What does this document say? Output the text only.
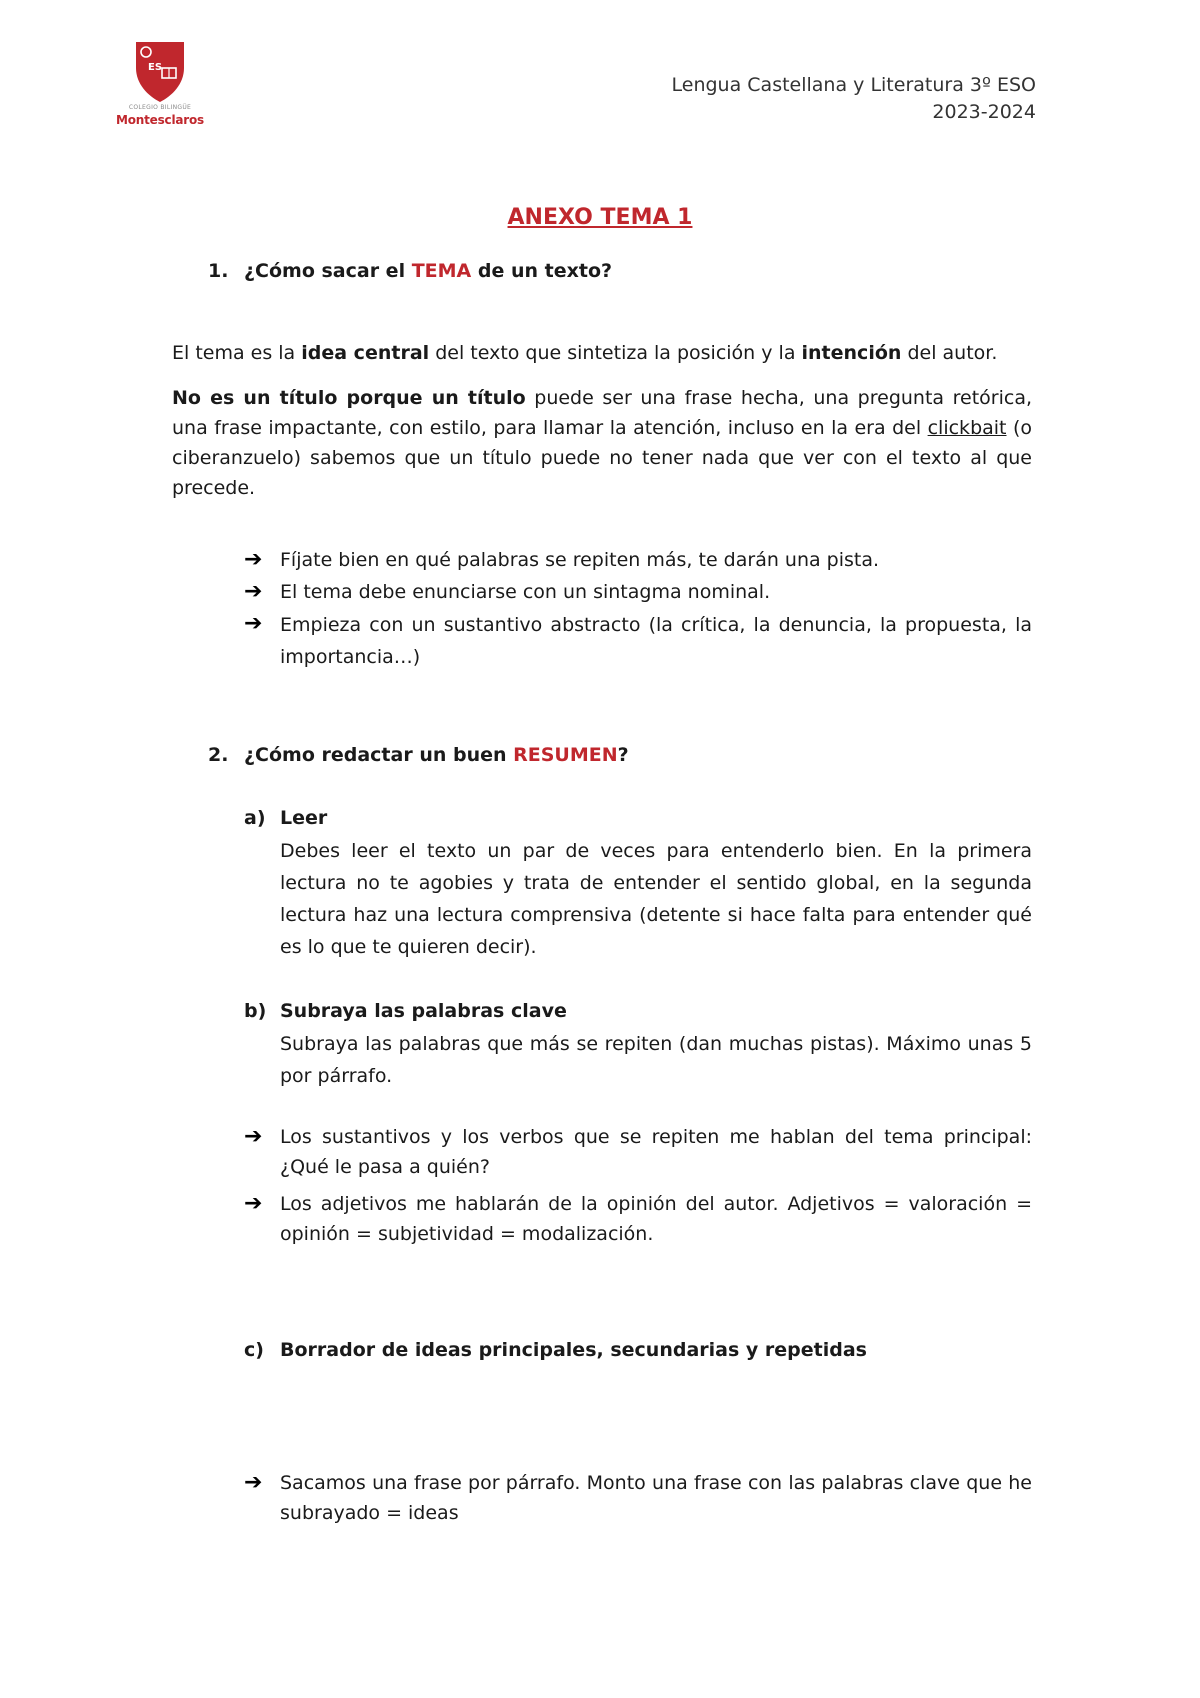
ES
COLEGIO BILINGÜE
Montesclaros
Lengua Castellana y Literatura 3º ESO
2023-2024
ANEXO TEMA 1
1. ¿Cómo sacar el TEMA de un texto?
El tema es la idea central del texto que sintetiza la posición y la intención del autor.
No es un título porque un título puede ser una frase hecha, una pregunta retórica, una frase impactante, con estilo, para llamar la atención, incluso en la era del clickbait (o ciberanzuelo) sabemos que un título puede no tener nada que ver con el texto al que precede.
➔ Fíjate bien en qué palabras se repiten más, te darán una pista.
➔ El tema debe enunciarse con un sintagma nominal.
➔ Empieza con un sustantivo abstracto (la crítica, la denuncia, la propuesta, la importancia…)
2. ¿Cómo redactar un buen RESUMEN?
a) Leer
Debes leer el texto un par de veces para entenderlo bien. En la primera lectura no te agobies y trata de entender el sentido global, en la segunda lectura haz una lectura comprensiva (detente si hace falta para entender qué es lo que te quieren decir).
b) Subraya las palabras clave
Subraya las palabras que más se repiten (dan muchas pistas). Máximo unas 5 por párrafo.
➔ Los sustantivos y los verbos que se repiten me hablan del tema principal: ¿Qué le pasa a quién?
➔ Los adjetivos me hablarán de la opinión del autor. Adjetivos = valoración = opinión = subjetividad = modalización.
c) Borrador de ideas principales, secundarias y repetidas
➔ Sacamos una frase por párrafo. Monto una frase con las palabras clave que he subrayado = ideas
